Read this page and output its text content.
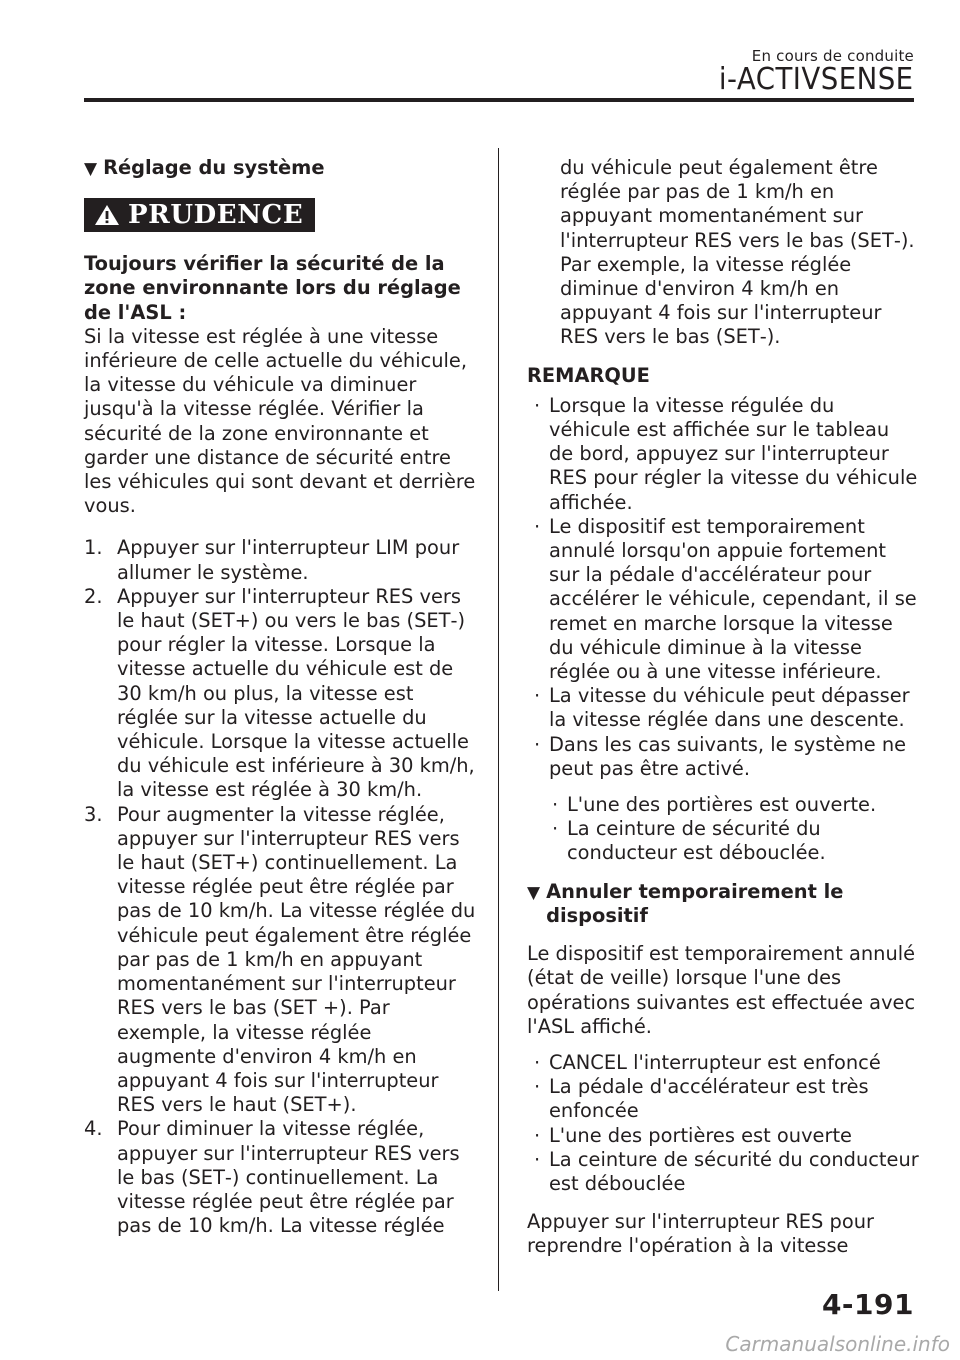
En cours de conduite
i-ACTIVSENSE
▼ Réglage du système
PRUDENCE

Toujours vérifier la sécurité de la zone environnante lors du réglage de l'ASL :

Si la vitesse est réglée à une vitesse inférieure de celle actuelle du véhicule, la vitesse du véhicule va diminuer jusqu'à la vitesse réglée. Vérifier la sécurité de la zone environnante et garder une distance de sécurité entre les véhicules qui sont devant et derrière vous.

1. Appuyer sur l'interrupteur LIM pour allumer le système.
2. Appuyer sur l'interrupteur RES vers le haut (SET+) ou vers le bas (SET‑) pour régler la vitesse. Lorsque la vitesse actuelle du véhicule est de 30 km/h ou plus, la vitesse est réglée sur la vitesse actuelle du véhicule. Lorsque la vitesse actuelle du véhicule est inférieure à 30 km/h, la vitesse est réglée à 30 km/h.
3. Pour augmenter la vitesse réglée, appuyer sur l'interrupteur RES vers le haut (SET+) continuellement. La vitesse réglée peut être réglée par pas de 10 km/h. La vitesse réglée du véhicule peut également être réglée par pas de 1 km/h en appuyant momentanément sur l'interrupteur RES vers le bas (SET +). Par exemple, la vitesse réglée augmente d'environ 4 km/h en appuyant 4 fois sur l'interrupteur RES vers le haut (SET+).
4. Pour diminuer la vitesse réglée, appuyer sur l'interrupteur RES vers le bas (SET‑) continuellement. La vitesse réglée peut être réglée par pas de 10 km/h. La vitesse réglée

du véhicule peut également être réglée par pas de 1 km/h en appuyant momentanément sur l'interrupteur RES vers le bas (SET‑). Par exemple, la vitesse réglée diminue d'environ 4 km/h en appuyant 4 fois sur l'interrupteur RES vers le bas (SET‑).

REMARQUE

· Lorsque la vitesse régulée du véhicule est affichée sur le tableau de bord, appuyez sur l'interrupteur RES pour régler la vitesse du véhicule affichée.
· Le dispositif est temporairement annulé lorsqu'on appuie fortement sur la pédale d'accélérateur pour accélérer le véhicule, cependant, il se remet en marche lorsque la vitesse du véhicule diminue à la vitesse réglée ou à une vitesse inférieure.
· La vitesse du véhicule peut dépasser la vitesse réglée dans une descente.
· Dans les cas suivants, le système ne peut pas être activé.
· L'une des portières est ouverte.
· La ceinture de sécurité du conducteur est débouclée.
▼ Annuler temporairement le dispositif

Le dispositif est temporairement annulé (état de veille) lorsque l'une des opérations suivantes est effectuée avec l'ASL affiché.

· CANCEL l'interrupteur est enfoncé
· La pédale d'accélérateur est très enfoncée
· L'une des portières est ouverte
· La ceinture de sécurité du conducteur est débouclée

Appuyer sur l'interrupteur RES pour reprendre l'opération à la vitesse

4-191
Carmanualsonline.info
